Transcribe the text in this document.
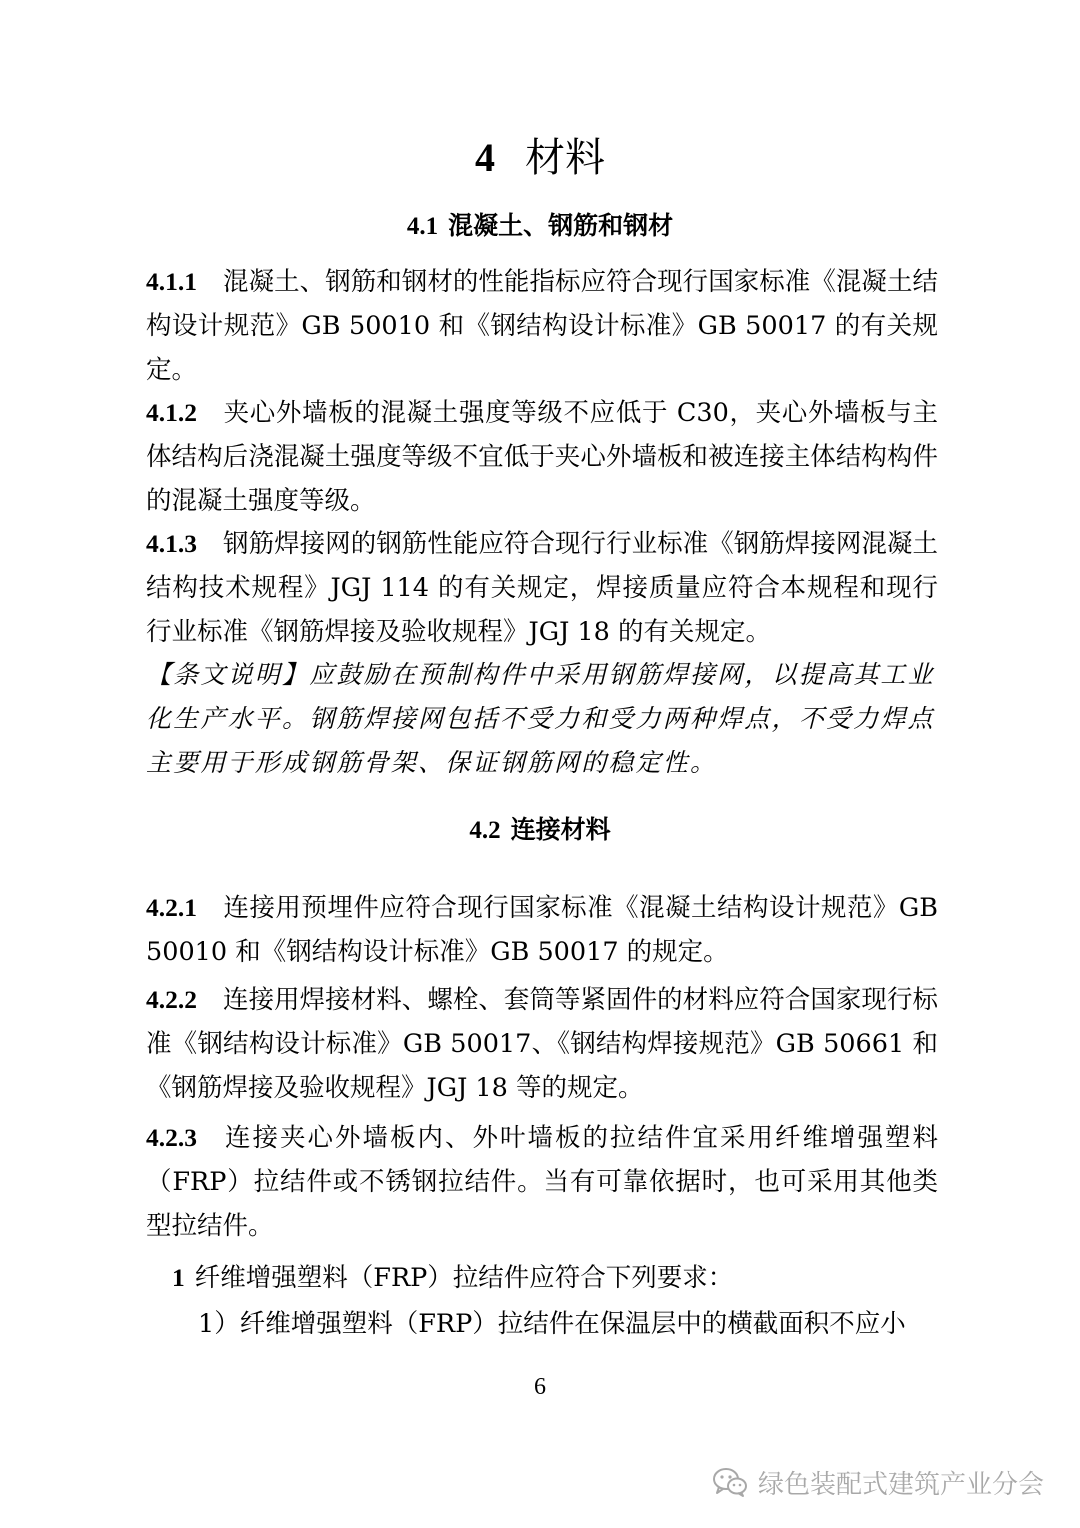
4 材料
4.1 混凝土、钢筋和钢材

4.1.1 混凝土、钢筋和钢材的性能指标应符合现行国家标准《混凝土结构设计规范》GB 50010 和《钢结构设计标准》GB 50017 的有关规定。

4.1.2 夹心外墙板的混凝土强度等级不应低于 C30，夹心外墙板与主体结构后浇混凝土强度等级不宜低于夹心外墙板和被连接主体结构构件的混凝土强度等级。

4.1.3 钢筋焊接网的钢筋性能应符合现行行业标准《钢筋焊接网混凝土结构技术规程》JGJ 114 的有关规定，焊接质量应符合本规程和现行行业标准《钢筋焊接及验收规程》JGJ 18 的有关规定。

【条文说明】应鼓励在预制构件中采用钢筋焊接网，以提高其工业化生产水平。钢筋焊接网包括不受力和受力两种焊点，不受力焊点主要用于形成钢筋骨架、保证钢筋网的稳定性。

4.2 连接材料

4.2.1 连接用预埋件应符合现行国家标准《混凝土结构设计规范》GB 50010 和《钢结构设计标准》GB 50017 的规定。

4.2.2 连接用焊接材料、螺栓、套筒等紧固件的材料应符合国家现行标准《钢结构设计标准》GB 50017、《钢结构焊接规范》GB 50661 和《钢筋焊接及验收规程》JGJ 18 等的规定。

4.2.3 连接夹心外墙板内、外叶墙板的拉结件宜采用纤维增强塑料（FRP）拉结件或不锈钢拉结件。当有可靠依据时，也可采用其他类型拉结件。

1 纤维增强塑料（FRP）拉结件应符合下列要求：

1）纤维增强塑料（FRP）拉结件在保温层中的横截面积不应小

6
绿色装配式建筑产业分会
